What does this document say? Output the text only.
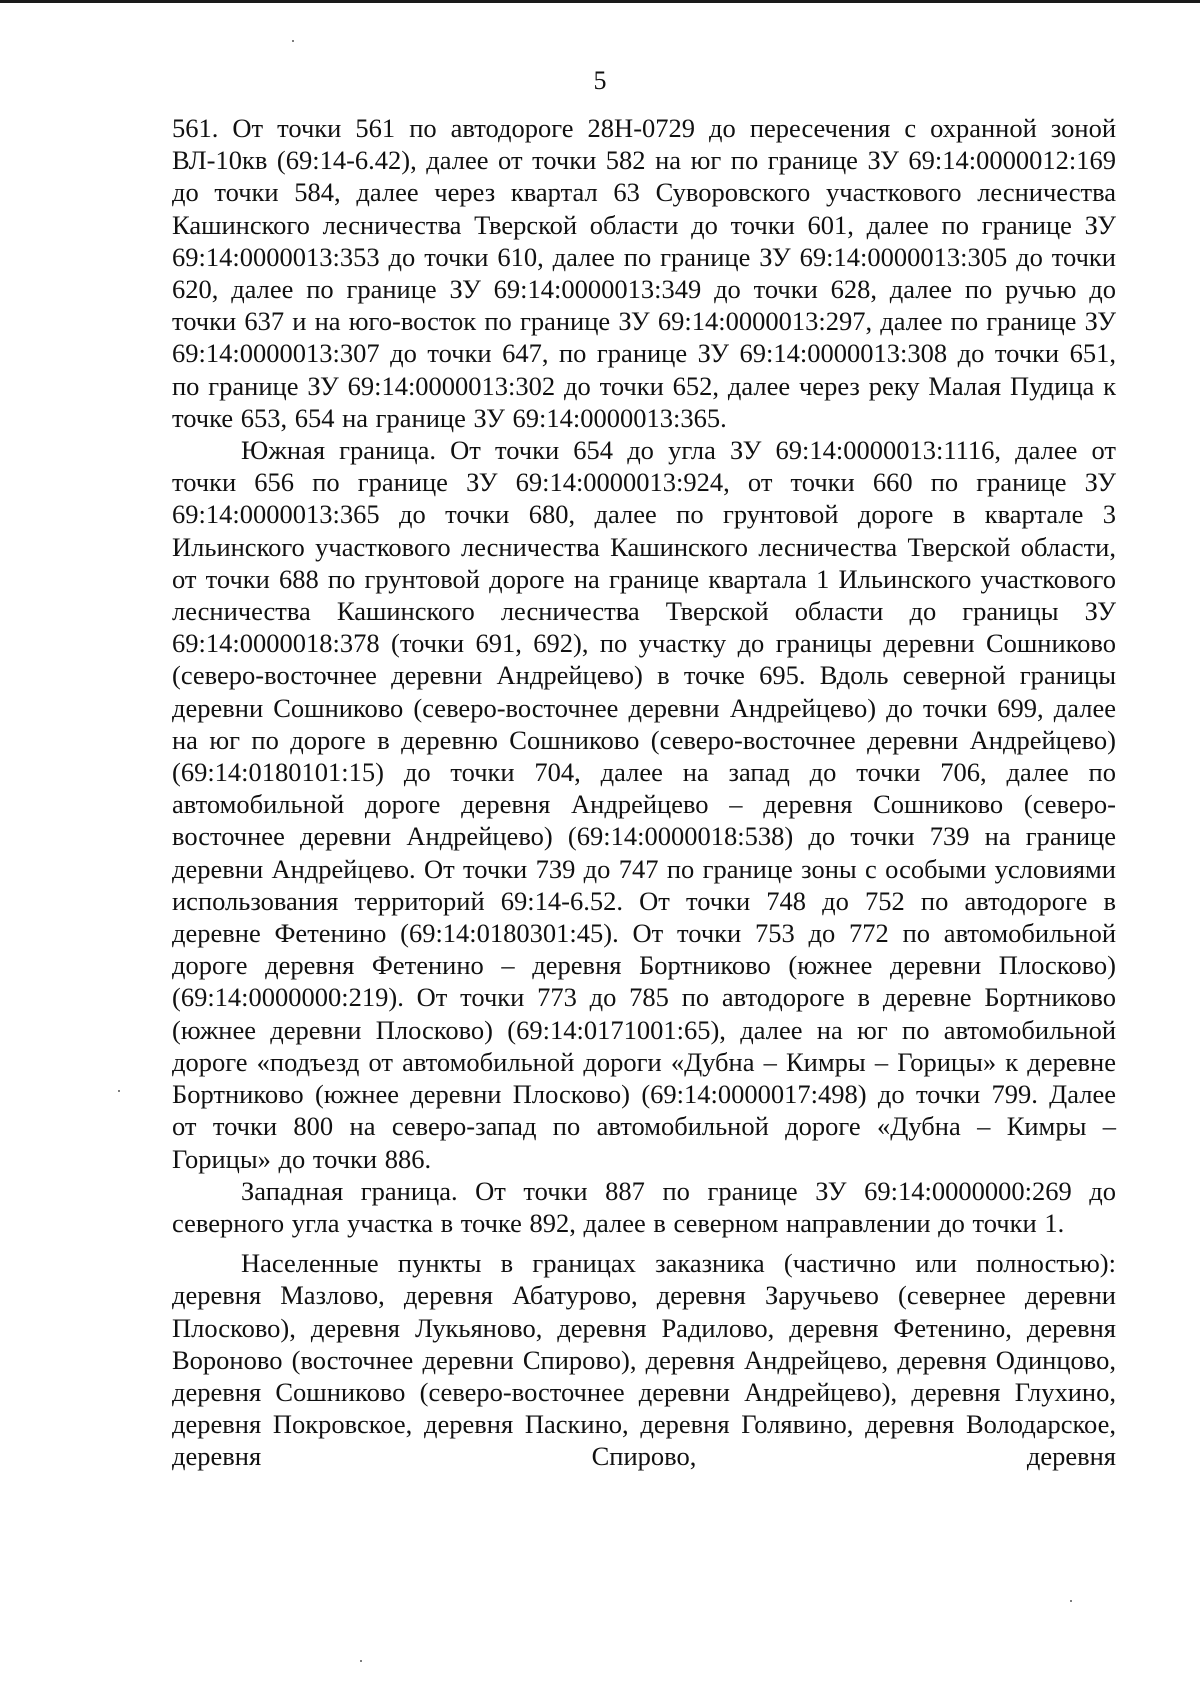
5

561. От точки 561 по автодороге 28Н-0729 до пересечения с охранной зоной ВЛ-10кв (69:14-6.42), далее от точки 582 на юг по границе ЗУ 69:14:0000012:169 до точки 584, далее через квартал 63 Суворовского участкового лесничества Кашинского лесничества Тверской области до точки 601, далее по границе ЗУ 69:14:0000013:353 до точки 610, далее по границе ЗУ 69:14:0000013:305 до точки 620, далее по границе ЗУ 69:14:0000013:349 до точки 628, далее по ручью до точки 637 и на юго-восток по границе ЗУ 69:14:0000013:297, далее по границе ЗУ 69:14:0000013:307 до точки 647, по границе ЗУ 69:14:0000013:308 до точки 651, по границе ЗУ 69:14:0000013:302 до точки 652, далее через реку Малая Пудица к точке 653, 654 на границе ЗУ 69:14:0000013:365.

Южная граница. От точки 654 до угла ЗУ 69:14:0000013:1116, далее от точки 656 по границе ЗУ 69:14:0000013:924, от точки 660 по границе ЗУ 69:14:0000013:365 до точки 680, далее по грунтовой дороге в квартале 3 Ильинского участкового лесничества Кашинского лесничества Тверской области, от точки 688 по грунтовой дороге на границе квартала 1 Ильинского участкового лесничества Кашинского лесничества Тверской области до границы ЗУ 69:14:0000018:378 (точки 691, 692), по участку до границы деревни Сошниково (северо-восточнее деревни Андрейцево) в точке 695. Вдоль северной границы деревни Сошниково (северо-восточнее деревни Андрейцево) до точки 699, далее на юг по дороге в деревню Сошниково (северо-восточнее деревни Андрейцево) (69:14:0180101:15) до точки 704, далее на запад до точки 706, далее по автомобильной дороге деревня Андрейцево – деревня Сошниково (северо-восточнее деревни Андрейцево) (69:14:0000018:538) до точки 739 на границе деревни Андрейцево. От точки 739 до 747 по границе зоны с особыми условиями использования территорий 69:14-6.52. От точки 748 до 752 по автодороге в деревне Фетенино (69:14:0180301:45). От точки 753 до 772 по автомобильной дороге деревня Фетенино – деревня Бортниково (южнее деревни Плосково) (69:14:0000000:219). От точки 773 до 785 по автодороге в деревне Бортниково (южнее деревни Плосково) (69:14:0171001:65), далее на юг по автомобильной дороге «подъезд от автомобильной дороги «Дубна – Кимры – Горицы» к деревне Бортниково (южнее деревни Плосково) (69:14:0000017:498) до точки 799. Далее от точки 800 на северо-запад по автомобильной дороге «Дубна – Кимры – Горицы» до точки 886.

Западная граница. От точки 887 по границе ЗУ 69:14:0000000:269 до северного угла участка в точке 892, далее в северном направлении до точки 1.

Населенные пункты в границах заказника (частично или полностью): деревня Мазлово, деревня Абатурово, деревня Заручьево (севернее деревни Плосково), деревня Лукьяново, деревня Радилово, деревня Фетенино, деревня Вороново (восточнее деревни Спирово), деревня Андрейцево, деревня Одинцово, деревня Сошниково (северо-восточнее деревни Андрейцево), деревня Глухино, деревня Покровское, деревня Паскино, деревня Голявино, деревня Володарское, деревня Спирово, деревня
